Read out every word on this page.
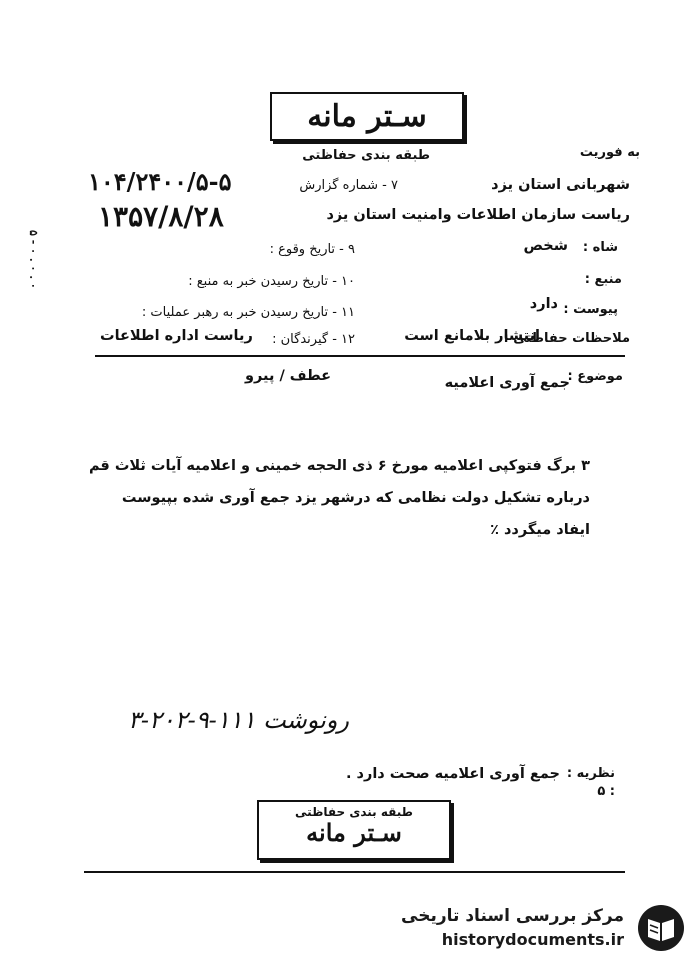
سـتر مانه
به فوریت
طبقه بندی حفاظتی
شهربانی استان یزد
۷ - شماره گزارش
۱۰۴/۲۴۰۰/۵-۵
ریاست سازمان اطلاعات وامنیت استان یزد
۱۳۵۷/۸/۲۸
۵ - ۰ . ۰ . ۰	شاه :
شخص
۹ - تاریخ وقوع :
منبع :
۱۰ - تاریخ رسیدن خبر به منبع :
پیوست :
دارد
۱۱ - تاریخ رسیدن خبر به رهبر عملیات :
ملاحظات حفاظتی :
انتشار بلامانع است
۱۲ - گیرندگان :
ریاست اداره اطلاعات
موضوع :
جمع آوری اعلامیه
عطف / پیرو
۳ برگ فتوکپی اعلامیه مورخ ۶ ذی الحجه خمینی و اعلامیه آیات ثلاث قم
درباره تشکیل دولت نظامی که درشهر یزد جمع آوری شده بپیوست
ایفاد میگردد ٪
رونوشت ۱۱۱-۹-۲۰۲-۳
نظریه :
جمع آوری اعلامیه صحت دارد .
۵ :
طبقه بندی حفاظتی
سـتر مانه
مرکز بررسی اسناد تاریخی
historydocuments.ir
